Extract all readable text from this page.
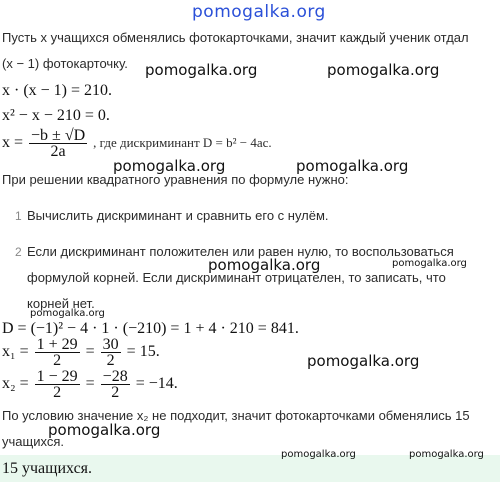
pomogalka.org
Пусть x учащихся обменялись фотокарточками, значит каждый ученик отдал
(x − 1) фотокарточку.
x · (x − 1) = 210.
x² − x − 210 = 0.
$x = \frac{-b \pm √D}{2a}$ , где дискриминант D = b² − 4ac.
При решении квадратного уравнения по формуле нужно:
1 Вычислить дискриминант и сравнить его с нулём.
2 Если дискриминант положителен или равен нулю, то воспользоваться
формулой корней. Если дискриминант отрицателен, то записать, что
корней нет.
D = (−1)² − 4 · 1 · (−210) = 1 + 4 · 210 = 841.
$x_1 = \frac{1 + 29}{2} = \frac{30}{2} = 15$.
$x_2 = \frac{1 - 29}{2} = \frac{-28}{2} = -14$.
По условию значение x₂ не подходит, значит фотокарточками обменялись 15
учащихся.
15 учащихся.
pomogalka.org	pomogalka.org
pomogalka.org	pomogalka.org
pomogalka.org	pomogalka.org
pomogalka.org
pomogalka.org
pomogalka.org
pomogalka.org	pomogalka.org
